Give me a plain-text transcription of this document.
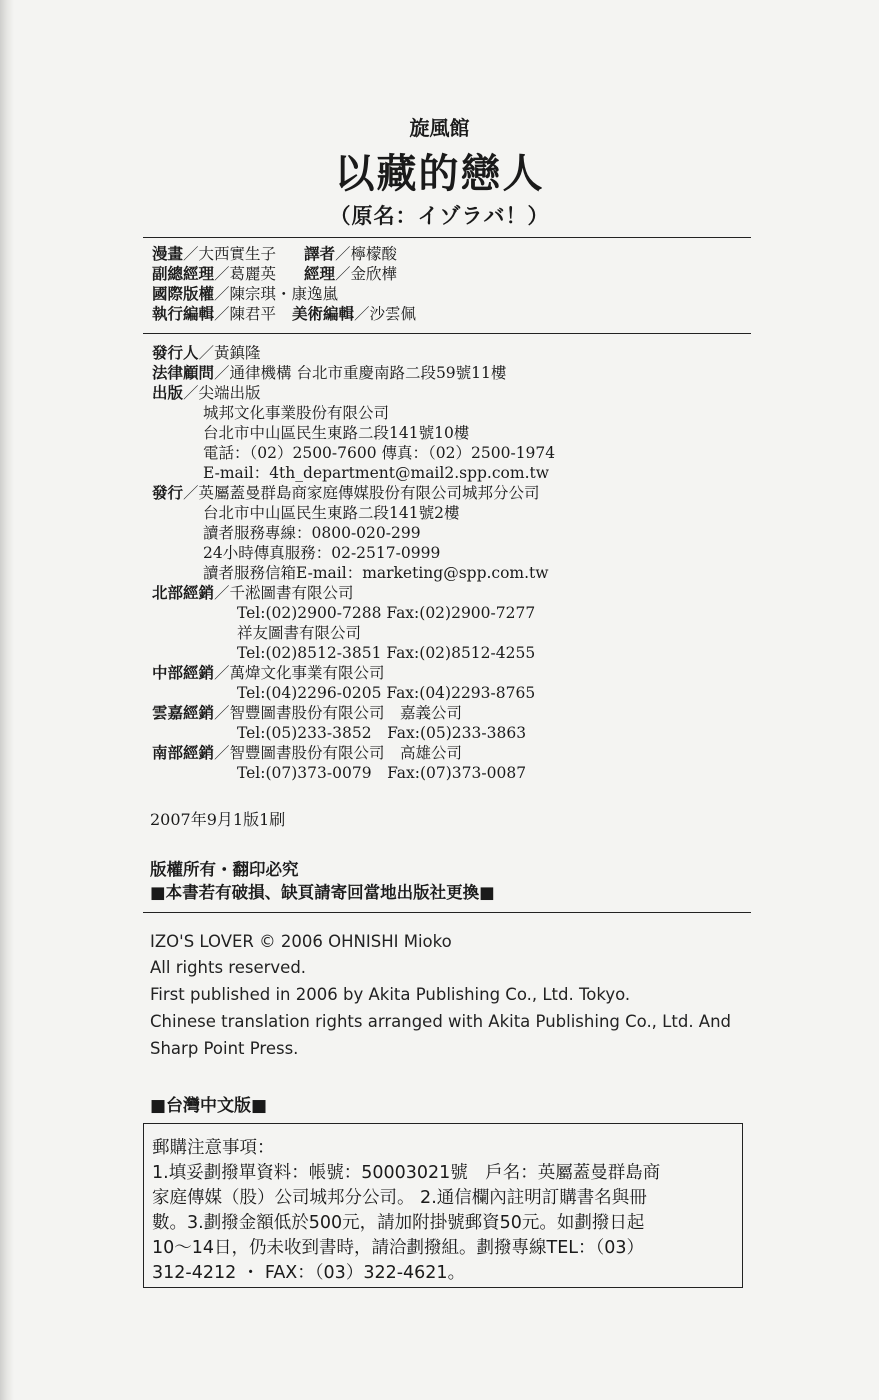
旋風館
以藏的戀人
（原名：イゾラバ！）
漫畫／大西實生子 譯者／檸檬酸
副總經理／葛麗英 經理／金欣樺
國際版權／陳宗琪・康逸嵐
執行編輯／陳君平 美術編輯／沙雲佩
發行人／黃鎮隆
法律顧問／通律機構 台北市重慶南路二段59號11樓
出版／尖端出版
城邦文化事業股份有限公司
台北市中山區民生東路二段141號10樓
電話：（02）2500-7600 傳真：（02）2500-1974
E-mail：4th_department@mail2.spp.com.tw
發行／英屬蓋曼群島商家庭傳媒股份有限公司城邦分公司
台北市中山區民生東路二段141號2樓
讀者服務專線：0800-020-299
24小時傳真服務：02-2517-0999
讀者服務信箱E-mail：marketing@spp.com.tw
北部經銷／千淞圖書有限公司
Tel:(02)2900-7288 Fax:(02)2900-7277
祥友圖書有限公司
Tel:(02)8512-3851 Fax:(02)8512-4255
中部經銷／萬煒文化事業有限公司
Tel:(04)2296-0205 Fax:(04)2293-8765
雲嘉經銷／智豐圖書股份有限公司　嘉義公司
Tel:(05)233-3852　Fax:(05)233-3863
南部經銷／智豐圖書股份有限公司　高雄公司
Tel:(07)373-0079　Fax:(07)373-0087
2007年9月1版1刷
版權所有・翻印必究
■本書若有破損、缺頁請寄回當地出版社更換■
IZO'S LOVER © 2006 OHNISHI Mioko
All rights reserved.
First published in 2006 by Akita Publishing Co., Ltd. Tokyo.
Chinese translation rights arranged with Akita Publishing Co., Ltd. And
Sharp Point Press.
■台灣中文版■
郵購注意事項：
1.填妥劃撥單資料：帳號：50003021號　戶名：英屬蓋曼群島商
家庭傳媒（股）公司城邦分公司。 2.通信欄內註明訂購書名與冊
數。3.劃撥金額低於500元，請加附掛號郵資50元。如劃撥日起
10～14日，仍未收到書時，請洽劃撥組。劃撥專線TEL：（03）
312-4212 ・ FAX：（03）322-4621。
